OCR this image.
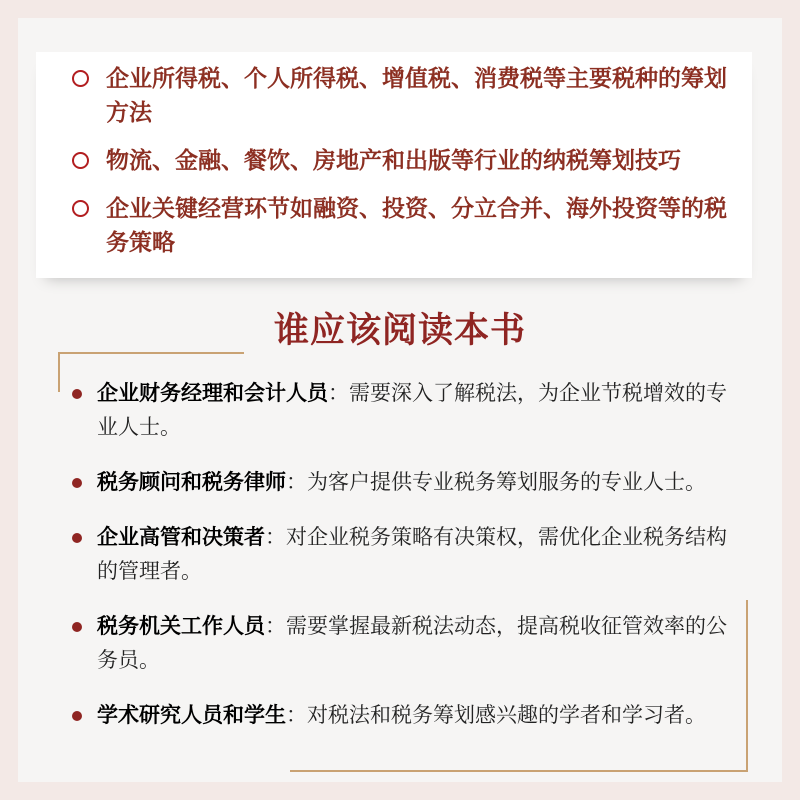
企业所得税、个人所得税、增值税、消费税等主要税种的筹划方法
物流、金融、餐饮、房地产和出版等行业的纳税筹划技巧
企业关键经营环节如融资、投资、分立合并、海外投资等的税务策略
谁应该阅读本书
企业财务经理和会计人员：需要深入了解税法，为企业节税增效的专业人士。
税务顾问和税务律师：为客户提供专业税务筹划服务的专业人士。
企业高管和决策者：对企业税务策略有决策权，需优化企业税务结构的管理者。
税务机关工作人员：需要掌握最新税法动态，提高税收征管效率的公务员。
学术研究人员和学生：对税法和税务筹划感兴趣的学者和学习者。
